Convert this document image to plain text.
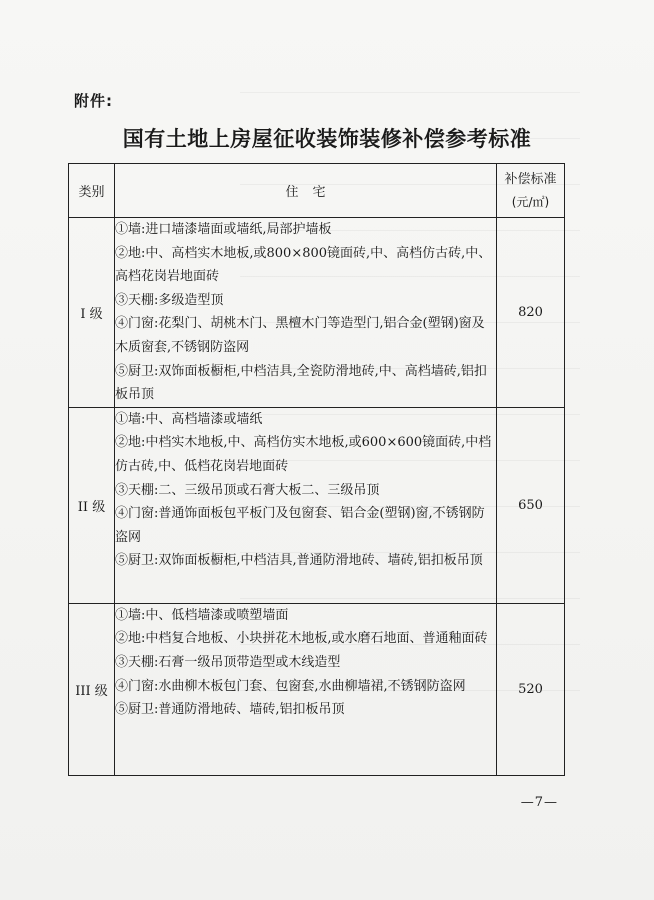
附件:
国有土地上房屋征收装饰装修补偿参考标准
类别	住宅	补偿标准
(元/㎡)

I 级	①墙:进口墙漆墙面或墙纸,局部护墙板
②地:中、高档实木地板,或800×800镜面砖,中、高档仿古砖,中、高档花岗岩地面砖
③天棚:多级造型顶
④门窗:花梨门、胡桃木门、黑檀木门等造型门,铝合金(塑钢)窗及木质窗套,不锈钢防盗网
⑤厨卫:双饰面板橱柜,中档洁具,全瓷防滑地砖,中、高档墙砖,铝扣板吊顶	820
II 级	①墙:中、高档墙漆或墙纸
②地:中档实木地板,中、高档仿实木地板,或600×600镜面砖,中档仿古砖,中、低档花岗岩地面砖
③天棚:二、三级吊顶或石膏大板二、三级吊顶
④门窗:普通饰面板包平板门及包窗套、铝合金(塑钢)窗,不锈钢防盗网
⑤厨卫:双饰面板橱柜,中档洁具,普通防滑地砖、墙砖,铝扣板吊顶	650
III 级	①墙:中、低档墙漆或喷塑墙面
②地:中档复合地板、小块拼花木地板,或水磨石地面、普通釉面砖
③天棚:石膏一级吊顶带造型或木线造型
④门窗:水曲柳木板包门套、包窗套,水曲柳墙裙,不锈钢防盗网
⑤厨卫:普通防滑地砖、墙砖,铝扣板吊顶	520
—7—
